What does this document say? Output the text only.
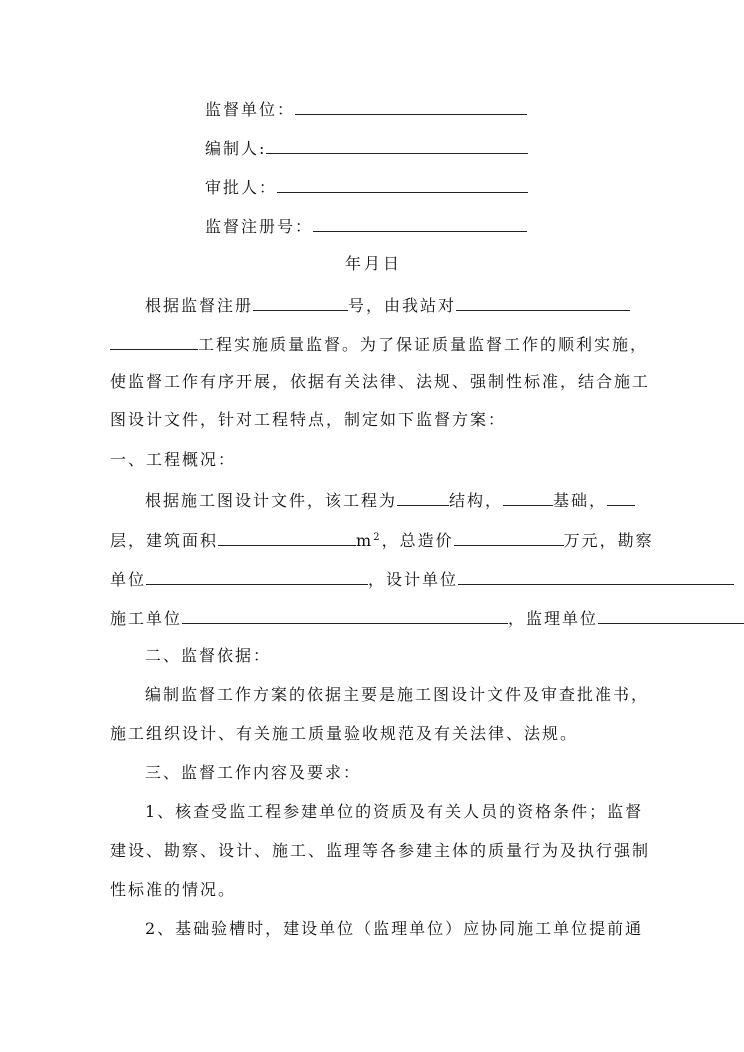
监督单位：
编制人:
审批人：
监督注册号：
年月日
根据监督注册	号，由我站对
工程实施质量监督。为了保证质量监督工作的顺利实施，
使监督工作有序开展，依据有关法律、法规、强制性标准，结合施工
图设计文件，针对工程特点，制定如下监督方案：
一、工程概况：
根据施工图设计文件，该工程为	结构，	基础，
层，建筑面积	$m^2$，总造价	万元，勘察
单位	，设计单位
施工单位	，监理单位
二、监督依据：
编制监督工作方案的依据主要是施工图设计文件及审查批准书，
施工组织设计、有关施工质量验收规范及有关法律、法规。
三、监督工作内容及要求：
1、核查受监工程参建单位的资质及有关人员的资格条件；监督
建设、勘察、设计、施工、监理等各参建主体的质量行为及执行强制
性标准的情况。
2、基础验槽时，建设单位（监理单位）应协同施工单位提前通
